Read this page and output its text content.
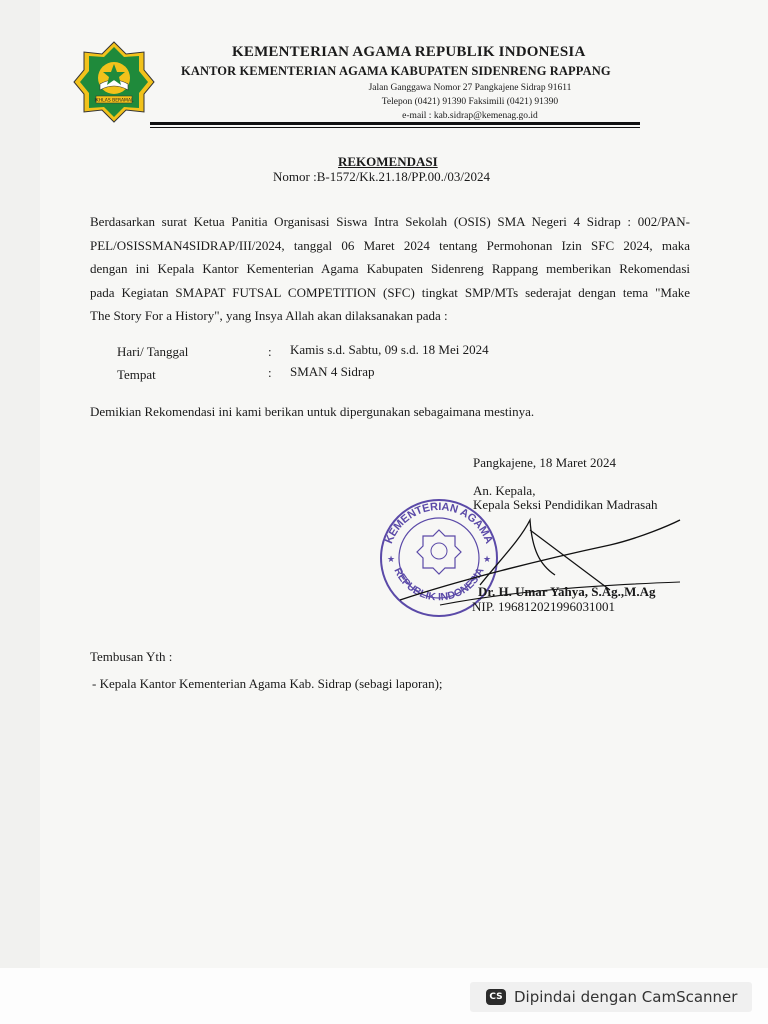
IKHLAS BERAMAL
KEMENTERIAN AGAMA REPUBLIK INDONESIA
KANTOR KEMENTERIAN AGAMA KABUPATEN SIDENRENG RAPPANG
Jalan Ganggawa Nomor 27 Pangkajene Sidrap 91611
Telepon (0421) 91390 Faksimili (0421) 91390
e-mail : kab.sidrap@kemenag.go.id
REKOMENDASI
Nomor :B-1572/Kk.21.18/PP.00./03/2024
Berdasarkan surat Ketua Panitia Organisasi Siswa Intra Sekolah (OSIS) SMA Negeri 4 Sidrap : 002/PAN-
PEL/OSISSMAN4SIDRAP/III/2024, tanggal 06 Maret 2024 tentang Permohonan Izin SFC 2024, maka
dengan ini Kepala Kantor Kementerian Agama Kabupaten Sidenreng Rappang memberikan Rekomendasi
pada Kegiatan SMAPAT FUTSAL COMPETITION (SFC) tingkat SMP/MTs sederajat dengan tema "Make
The Story For a History", yang Insya Allah akan dilaksanakan pada :
Hari/ Tanggal	: Kamis s.d. Sabtu, 09 s.d. 18 Mei 2024
Tempat	: SMAN 4 Sidrap
Demikian Rekomendasi ini kami berikan untuk dipergunakan sebagaimana mestinya.
Pangkajene, 18 Maret 2024
An. Kepala,
Kepala Seksi Pendidikan Madrasah
KEMENTERIAN AGAMA
REPUBLIK INDONESIA
★	★
Dr. H. Umar Yahya, S.Ag.,M.Ag
NIP. 196812021996031001
Tembusan Yth :
- Kepala Kantor Kementerian Agama Kab. Sidrap (sebagi laporan);
CS Dipindai dengan CamScanner
